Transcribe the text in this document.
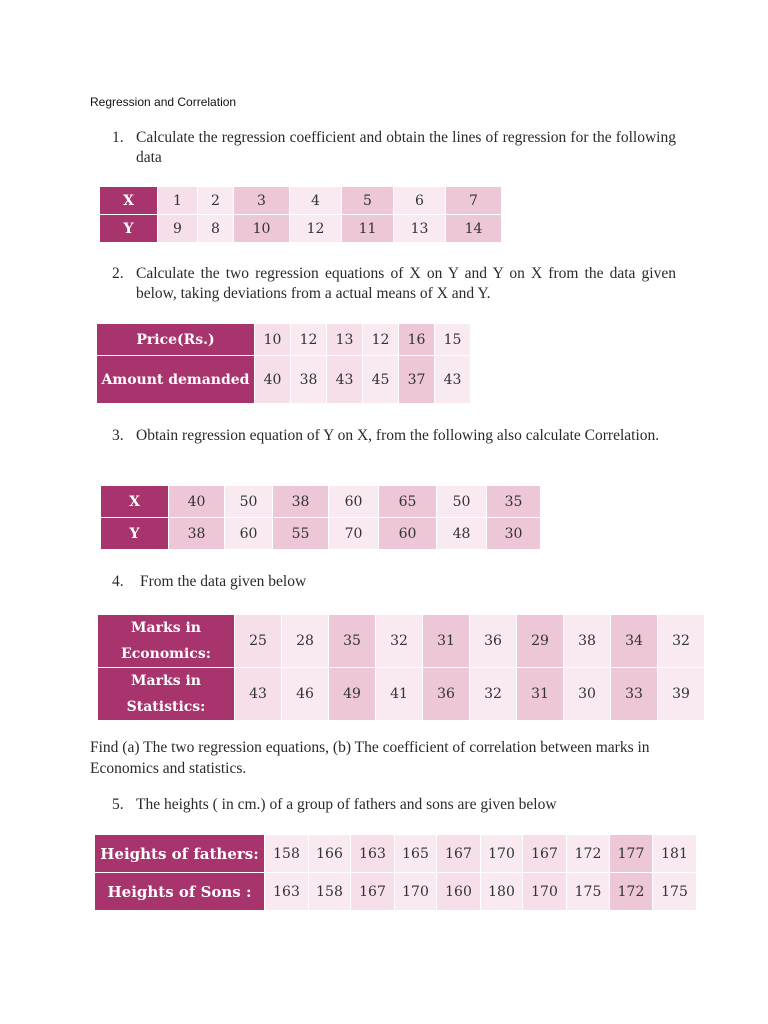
Regression and Correlation
1. Calculate the regression coefficient and obtain the lines of regression for the following data
X	1	2	3	4	5	6	7
Y	9	8	10	12	11	13	14
2. Calculate the two regression equations of X on Y and Y on X from the data given below, taking deviations from a actual means of X and Y.
Price(Rs.)	10	12	13	12	16	15
Amount demanded	40	38	43	45	37	43
3. Obtain regression equation of Y on X, from the following also calculate Correlation.
X	40	50	38	60	65	50	35
Y	38	60	55	70	60	48	30
4. From the data given below
Marks in Economics:	25	28	35	32	31	36	29	38	34	32
Marks in Statistics:	43	46	49	41	36	32	31	30	33	39
Find (a) The two regression equations, (b) The coefficient of correlation between marks in Economics and statistics.
5. The heights ( in cm.) of a group of fathers and sons are given below
Heights of fathers:	158	166	163	165	167	170	167	172	177	181
Heights of Sons :	163	158	167	170	160	180	170	175	172	175
